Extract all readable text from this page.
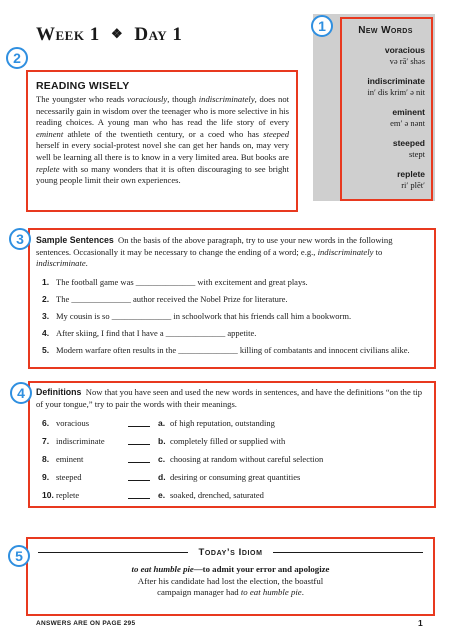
Week 1 ❖ Day 1	New Words
voracious
və rā′ shəs
indiscriminate
in′ dis krim′ ə nit
eminent
em′ ə nənt
steeped
stept
replete
ri′ plēt′
READING WISELY

The youngster who reads voraciously, though indiscriminately, does not necessarily gain in wisdom over the teenager who is more selective in his reading choices. A young man who has read the life story of every eminent athlete of the twentieth century, or a coed who has steeped herself in every social-protest novel she can get her hands on, may very well be learning all there is to know in a very limited area. But books are replete with so many wonders that it is often discouraging to see bright young people limit their own experiences.

Sample Sentences On the basis of the above paragraph, try to use your new words in the following sentences. Occasionally it may be necessary to change the ending of a word; e.g., indiscriminately to indiscriminate.
1. The football game was ______________ with excitement and great plays.
2. The ______________ author received the Nobel Prize for literature.
3. My cousin is so ______________ in schoolwork that his friends call him a bookworm.
4. After skiing, I find that I have a ______________ appetite.
5. Modern warfare often results in the ______________ killing of combatants and innocent civilians alike.
Definitions Now that you have seen and used the new words in sentences, and have the definitions “on the tip of your tongue,” try to pair the words with their meanings.
6. voracious	a. of high reputation, outstanding
7. indiscriminate	b. completely filled or supplied with
8. eminent	c. choosing at random without careful selection
9. steeped	d. desiring or consuming great quantities
10. replete	e. soaked, drenched, saturated
Today’s Idiom
to eat humble pie—to admit your error and apologize
After his candidate had lost the election, the boastful campaign manager had to eat humble pie.
1
2
3
4
5
ANSWERS ARE ON PAGE 295	1
